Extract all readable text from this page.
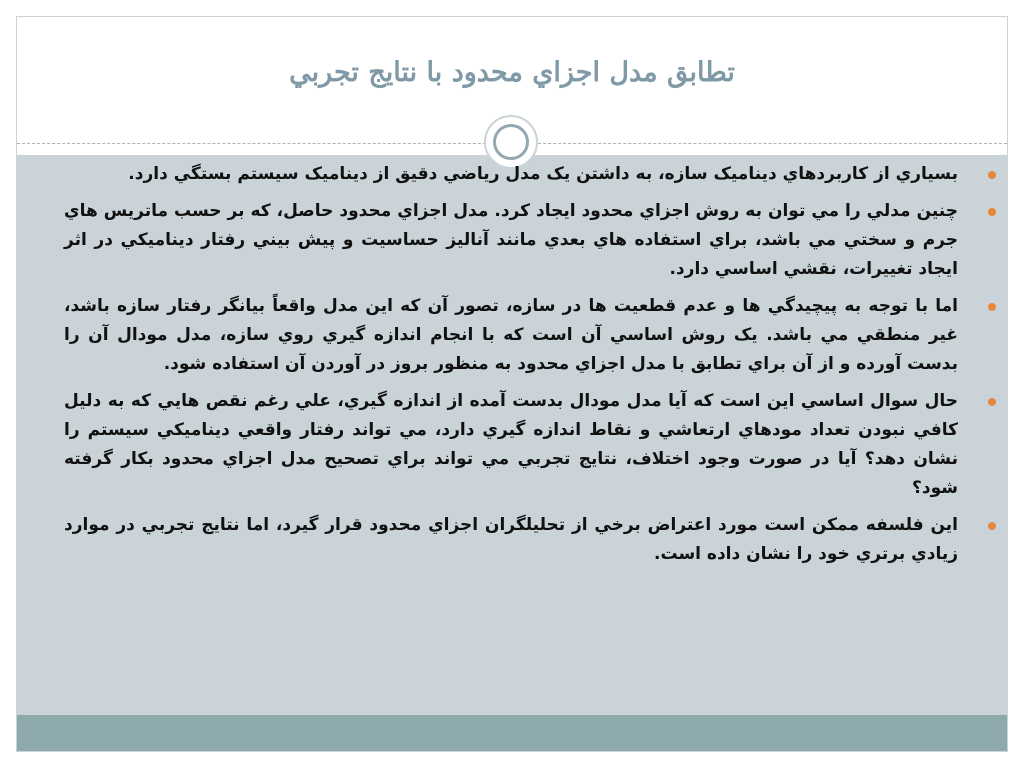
تطابق مدل اجزاي محدود با نتايج تجربي
بسياري از کاربردهاي ديناميک سازه، به داشتن يک مدل رياضي دقيق از ديناميک سيستم بستگي دارد.
چنين مدلي را مي توان به روش اجزاي محدود ايجاد کرد. مدل اجزاي محدود حاصل، که بر حسب ماتريس هاي جرم و سختي مي باشد، براي استفاده هاي بعدي مانند آناليز حساسيت و پيش بيني رفتار ديناميکي در اثر ايجاد تغييرات، نقشي اساسي دارد.
اما با توجه به پيچيدگي ها و عدم قطعيت ها در سازه، تصور آن که اين مدل واقعاً بيانگر رفتار سازه باشد، غير منطقي مي باشد. يک روش اساسي آن است که با انجام اندازه گيري روي سازه، مدل مودال آن را بدست آورده و از آن براي تطابق با مدل اجزاي محدود به منظور بروز در آوردن آن استفاده شود.
حال سوال اساسي اين است که آيا مدل مودال بدست آمده از اندازه گيري، علي رغم نقص هايي که به دليل کافي نبودن تعداد مودهاي ارتعاشي و نقاط اندازه گيري دارد، مي تواند رفتار واقعي ديناميکي سيستم را نشان دهد؟ آيا در صورت وجود اختلاف، نتايج تجربي مي تواند براي تصحيح مدل اجزاي محدود بکار گرفته شود؟
اين فلسفه ممکن است مورد اعتراض برخي از تحليلگران اجزاي محدود قرار گيرد، اما نتايج تجربي در موارد زيادي برتري خود را نشان داده است.
